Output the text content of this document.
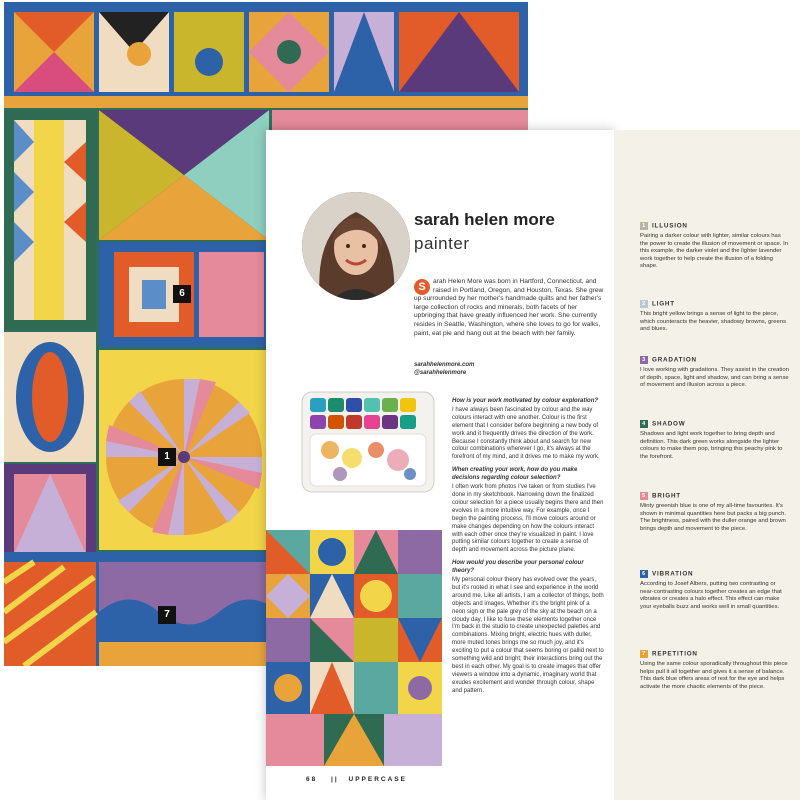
6
1
7
sarah helen more
painter
S	arah Helen More was born in Hartford, Connecticut, and raised in Portland, Oregon, and Houston, Texas. She grew up surrounded by her mother's handmade quilts and her father's large collection of rocks and minerals, both facets of her upbringing that have greatly influenced her work. She currently resides in Seattle, Washington, where she loves to go for walks, paint, eat pie and hang out at the beach with her family.
sarahhelenmore.com
@sarahhelenmore
How is your work motivated by colour exploration?

I have always been fascinated by colour and the way colours interact with one another. Colour is the first element that I consider before beginning a new body of work and it frequently drives the direction of the work. Because I constantly think about and search for new colour combinations wherever I go, it's always at the forefront of my mind, and it drives me to make my work.

When creating your work, how do you make decisions regarding colour selection?

I often work from photos I've taken or from studies I've done in my sketchbook. Narrowing down the finalized colour selection for a piece usually begins there and then evolves in a more intuitive way. For example, once I begin the painting process, I'll move colours around or make changes depending on how the colours interact with each other once they're visualized in paint. I love putting similar colours together to create a sense of depth and movement across the picture plane.

How would you describe your personal colour theory?

My personal colour theory has evolved over the years, but it's rooted in what I see and experience in the world around me. Like all artists, I am a collector of things, both objects and images. Whether it's the bright pink of a neon sign or the pale grey of the sky at the beach on a cloudy day, I like to fuse these elements together once I'm back in the studio to create unexpected palettes and combinations. Mixing bright, electric hues with duller, more muted tones brings me so much joy, and it's exciting to put a colour that seems boring or pallid next to something wild and bright; their interactions bring out the best in each other. My goal is to create images that offer viewers a window into a dynamic, imaginary world that exudes excitement and wonder through colour, shape and pattern.

68 || UPPERCASE
1 ILLUSION
Pairing a darker colour with lighter, similar colours has the power to create the illusion of movement or space. In this example, the darker violet and the lighter lavender work together to help create the illusion of a folding shape.
2 LIGHT
This bright yellow brings a sense of light to the piece, which counteracts the heavier, shadowy browns, greens and blues.
3 GRADATION
I love working with gradations. They assist in the creation of depth, space, light and shadow, and can bring a sense of movement and illusion across a piece.
4 SHADOW
Shadows and light work together to bring depth and definition. This dark green works alongside the lighter colours to make them pop, bringing this peachy pink to the forefront.
5 BRIGHT
Minty greenish blue is one of my all-time favourites. It's shown in minimal quantities here but packs a big punch. The brightness, paired with the duller orange and brown brings depth and movement to the piece.
6 VIBRATION
According to Josef Albers, putting two contrasting or near-contrasting colours together creates an edge that vibrates or creates a halo effect. This effect can make your eyeballs buzz and works well in small quantities.
7 REPETITION
Using the same colour sporadically throughout this piece helps pull it all together and gives it a sense of balance. This dark blue offers areas of rest for the eye and helps activate the more chaotic elements of the piece.
